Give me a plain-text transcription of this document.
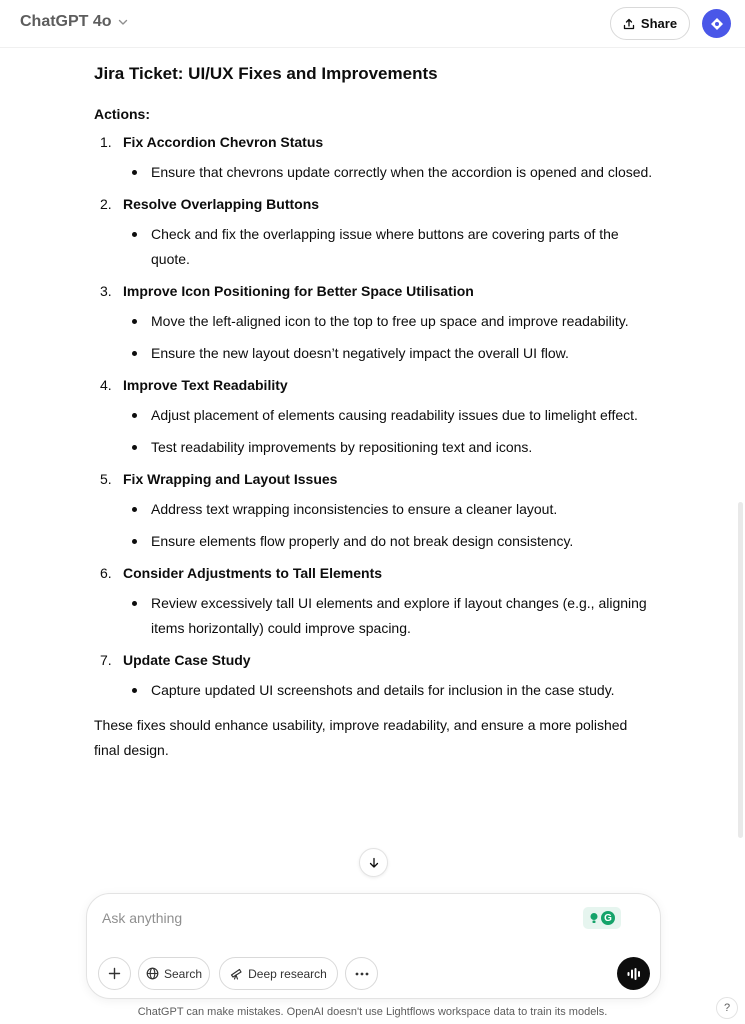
ChatGPT 4o	Share
Jira Ticket: UI/UX Fixes and Improvements
Actions:
1. Fix Accordion Chevron Status
Ensure that chevrons update correctly when the accordion is opened and closed.
2. Resolve Overlapping Buttons
Check and fix the overlapping issue where buttons are covering parts of the quote.
3. Improve Icon Positioning for Better Space Utilisation
Move the left-aligned icon to the top to free up space and improve readability.
Ensure the new layout doesn’t negatively impact the overall UI flow.
4. Improve Text Readability
Adjust placement of elements causing readability issues due to limelight effect.
Test readability improvements by repositioning text and icons.
5. Fix Wrapping and Layout Issues
Address text wrapping inconsistencies to ensure a cleaner layout.
Ensure elements flow properly and do not break design consistency.
6. Consider Adjustments to Tall Elements
Review excessively tall UI elements and explore if layout changes (e.g., aligning items horizontally) could improve spacing.
7. Update Case Study
Capture updated UI screenshots and details for inclusion in the case study.

These fixes should enhance usability, improve readability, and ensure a more polished final design.

Ask anything
G
Search	Deep research
ChatGPT can make mistakes. OpenAI doesn't use Lightflows workspace data to train its models.	?
